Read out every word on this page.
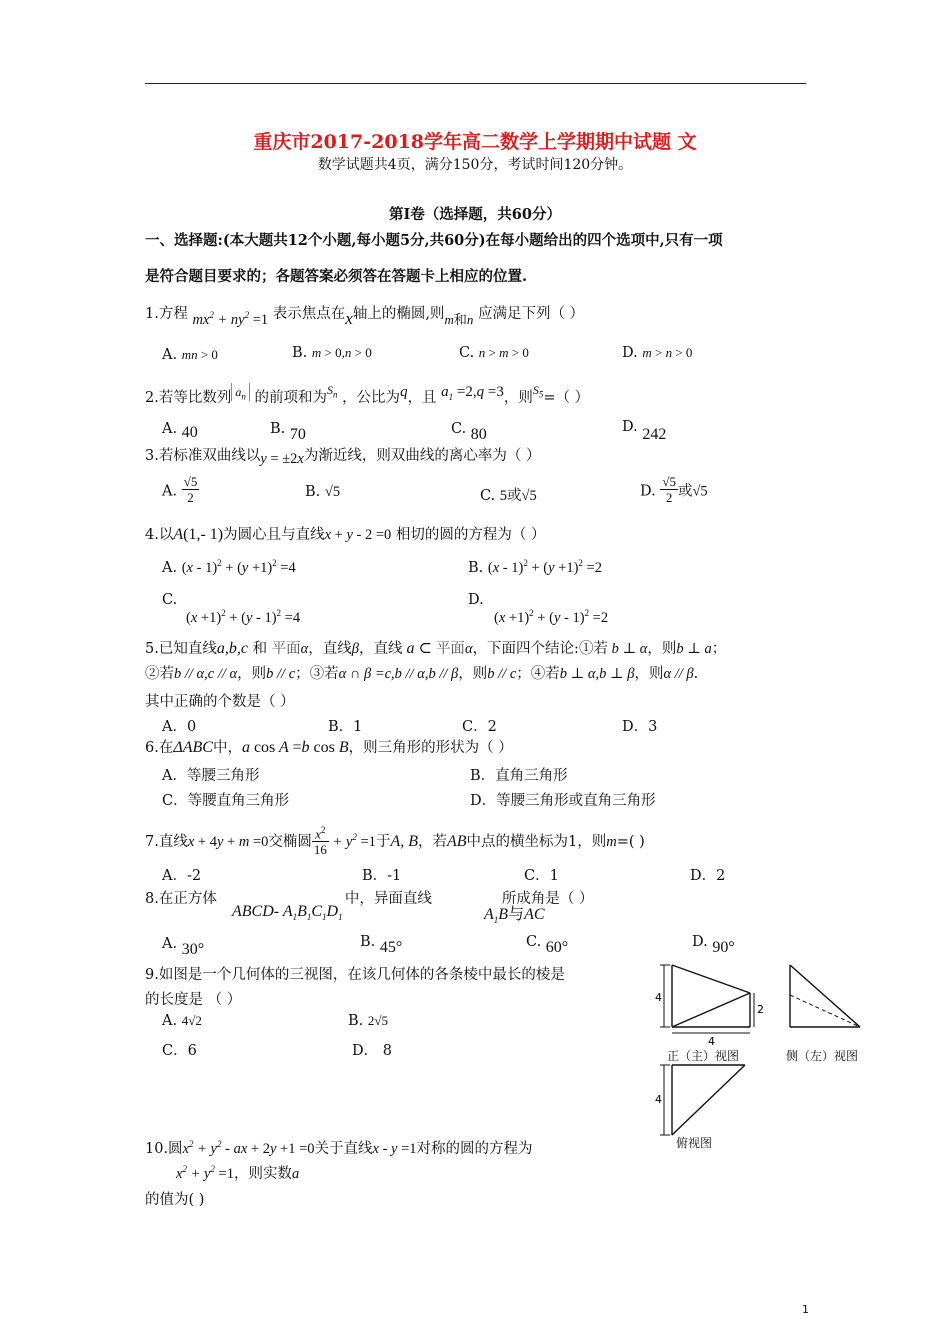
重庆市2017-2018学年高二数学上学期期中试题 文
数学试题共4页，满分150分，考试时间120分钟。
第Ⅰ卷（选择题，共60分）
一、选择题:(本大题共12个小题,每小题5分,共60分)在每小题给出的四个选项中,只有一项
是符合题目要求的；各题答案必须答在答题卡上相应的位置.
1.方程 $mx^2 + ny^2 =1$ 表示焦点在x轴上的椭圆,则m和n 应满足下列（ ）
A. mn > 0	B. m > 0,n > 0	C. n > m > 0	D. m > n > 0
2.若等比数列 $^{a_n}$ 的前项和为$^{S_n}$ ，公比为q，且 $a_1 =2,q =3$，则$^{S_5}$=（ ）
A. 40	B. 70	C. 80	D. 242
3.若标准双曲线以y = ±2x为渐近线，则双曲线的离心率为（ ）
A. $\frac{√5}{2}$	B. √5	C. 5或√5	D. $\frac{√5}{2}$ 或√5
4.以A(1,- 1)为圆心且与直线x + y - 2 =0 相切的圆的方程为（ ）
A. $(x - 1)^2 + (y +1)^2 =4$	B. $(x - 1)^2 + (y +1)^2 =2$
C.
$(x +1)^2 + (y - 1)^2 =4$
D.
$(x +1)^2 + (y - 1)^2 =2$
5.已知直线a,b,c 和 平面α，直线β，直线 a ⊂ 平面α，下面四个结论:①若 b ⊥ α，则b ⊥ a；
②若b // α,c // α，则b // c；③若α ∩ β =c,b // α,b // β，则b // c；④若b ⊥ α,b ⊥ β，则α // β.
其中正确的个数是（ ）
A．0	B．1	C．2	D．3
6.在ΔABC中，a cos A =b cos B，则三角形的形状为（ ）
A．等腰三角形	B．直角三角形
C．等腰直角三角形	D．等腰三角形或直角三角形
7.直线x + 4y + m =0交椭圆 $\frac{x^2}{16} + y^2 =1$于A, B，若AB中点的横坐标为1，则m=( )
A．-2	B．-1	C．1	D．2
8.在正方体	中，异面直线	所成角是（ ）
ABCD- $A_1B_1C_1D_1$	$A_1B$与AC
A. 30°	B. 45°	C. 60°	D. 90°
9.如图是一个几何体的三视图，在该几何体的各条棱中最长的棱是
的长度是 （ ）
A. 4√2	B. 2√5
C．6	D． 8
4
4
2
4
正（主）视图	侧（左）视图
俯视图
10.圆$x^2 + y^2$ - ax + 2y +1 =0关于直线x - y =1对称的圆的方程为
$x^2 + y^2 =1$，则实数a
的值为( )
1
